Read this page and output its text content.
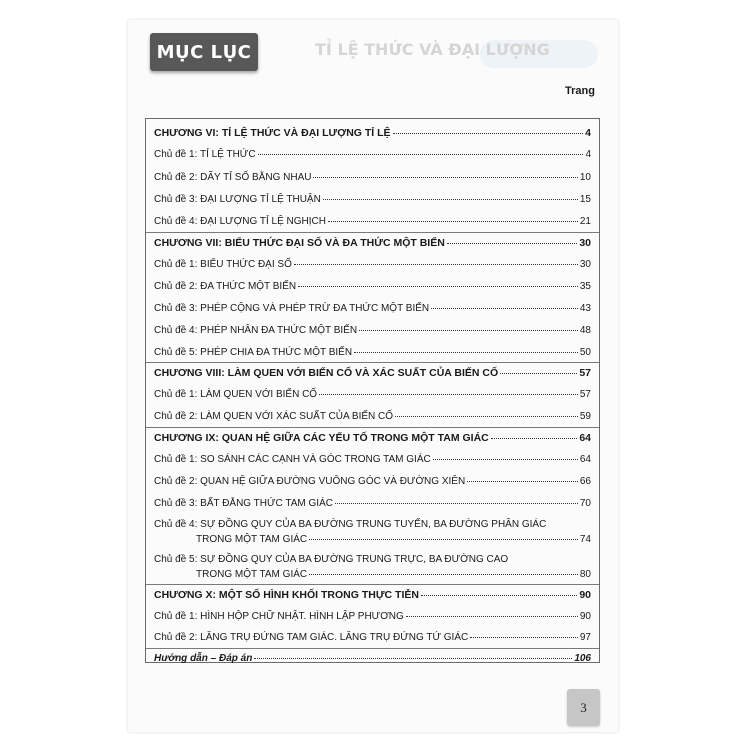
TỈ LỆ THỨC VÀ ĐẠI LƯỢNG
MỤC LỤC
Trang
CHƯƠNG VI: TỈ LỆ THỨC VÀ ĐẠI LƯỢNG TỈ LỆ	4
Chủ đề 1: TỈ LỆ THỨC	4
Chủ đề 2: DÃY TỈ SỐ BẰNG NHAU	10
Chủ đề 3: ĐẠI LƯỢNG TỈ LỆ THUẬN	15
Chủ đề 4: ĐẠI LƯỢNG TỈ LỆ NGHỊCH	21
CHƯƠNG VII: BIỂU THỨC ĐẠI SỐ VÀ ĐA THỨC MỘT BIẾN	30
Chủ đề 1: BIỂU THỨC ĐẠI SỐ	30
Chủ đề 2: ĐA THỨC MỘT BIẾN	35
Chủ đề 3: PHÉP CỘNG VÀ PHÉP TRỪ ĐA THỨC MỘT BIẾN	43
Chủ đề 4: PHÉP NHÂN ĐA THỨC MỘT BIẾN	48
Chủ đề 5: PHÉP CHIA ĐA THỨC MỘT BIẾN	50
CHƯƠNG VIII: LÀM QUEN VỚI BIẾN CỐ VÀ XÁC SUẤT CỦA BIẾN CỐ	57
Chủ đề 1: LÀM QUEN VỚI BIẾN CỐ	57
Chủ đề 2: LÀM QUEN VỚI XÁC SUẤT CỦA BIẾN CỐ	59
CHƯƠNG IX: QUAN HỆ GIỮA CÁC YẾU TỐ TRONG MỘT TAM GIÁC	64
Chủ đề 1: SO SÁNH CÁC CẠNH VÀ GÓC TRONG TAM GIÁC	64
Chủ đề 2: QUAN HỆ GIỮA ĐƯỜNG VUÔNG GÓC VÀ ĐƯỜNG XIÊN	66
Chủ đề 3: BẤT ĐẲNG THỨC TAM GIÁC	70
Chủ đề 4: SỰ ĐỒNG QUY CỦA BA ĐƯỜNG TRUNG TUYẾN, BA ĐƯỜNG PHÂN GIÁC
TRONG MỘT TAM GIÁC	74
Chủ đề 5: SỰ ĐỒNG QUY CỦA BA ĐƯỜNG TRUNG TRỰC, BA ĐƯỜNG CAO
TRONG MỘT TAM GIÁC	80
CHƯƠNG X: MỘT SỐ HÌNH KHỐI TRONG THỰC TIỄN	90
Chủ đề 1: HÌNH HỘP CHỮ NHẬT. HÌNH LẬP PHƯƠNG	90
Chủ đề 2: LĂNG TRỤ ĐỨNG TAM GIÁC. LĂNG TRỤ ĐỨNG TỨ GIÁC	97
Hướng dẫn – Đáp án	106
3
